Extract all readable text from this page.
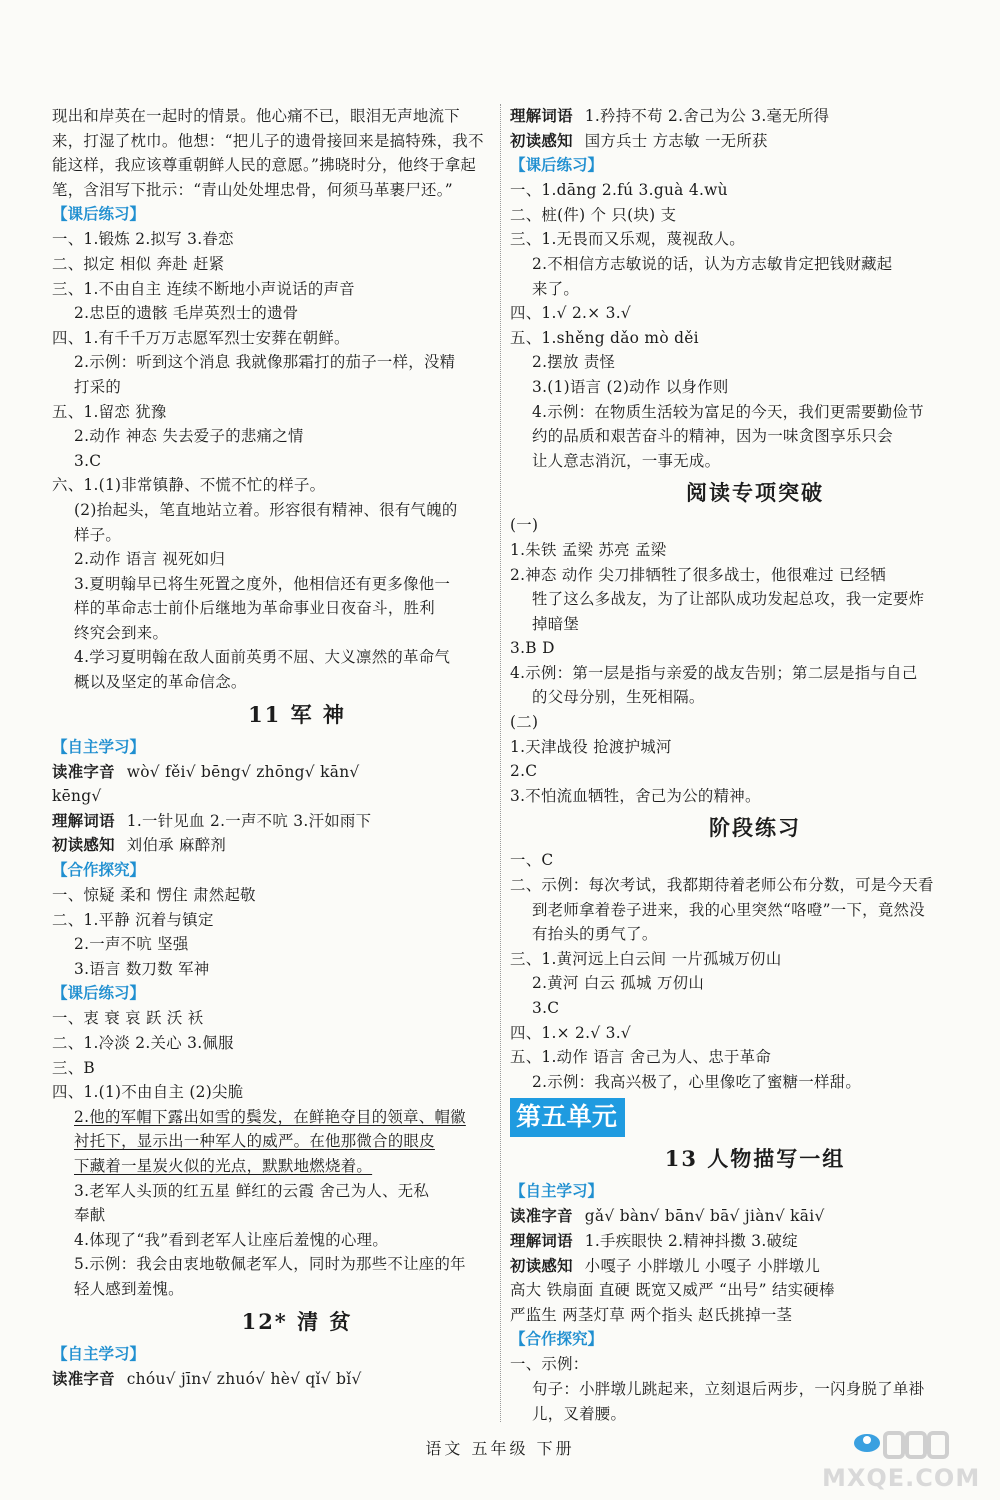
现出和岸英在一起时的情景。他心痛不已，眼泪无声地流下
来，打湿了枕巾。他想：“把儿子的遗骨接回来是搞特殊，我不
能这样，我应该尊重朝鲜人民的意愿。”拂晓时分，他终于拿起
笔，含泪写下批示：“青山处处埋忠骨，何须马革裹尸还。”
【课后练习】
一、1.锻炼 2.拟写 3.眷恋
二、拟定 相似 奔赴 赶紧
三、1.不由自主 连续不断地小声说话的声音
2.忠臣的遗骸 毛岸英烈士的遗骨
四、1.有千千万万志愿军烈士安葬在朝鲜。
2.示例：听到这个消息 我就像那霜打的茄子一样，没精
打采的
五、1.留恋 犹豫
2.动作 神态 失去爱子的悲痛之情
3.C
六、1.(1)非常镇静、不慌不忙的样子。
(2)抬起头，笔直地站立着。形容很有精神、很有气魄的
样子。
2.动作 语言 视死如归
3.夏明翰早已将生死置之度外，他相信还有更多像他一
样的革命志士前仆后继地为革命事业日夜奋斗，胜利
终究会到来。
4.学习夏明翰在敌人面前英勇不屈、大义凛然的革命气
概以及坚定的革命信念。
11 军 神
【自主学习】
读准字音 wò√ fěi√ bēng√ zhōng√ kān√
kēng√
理解词语 1.一针见血 2.一声不吭 3.汗如雨下
初读感知 刘伯承 麻醉剂
【合作探究】
一、惊疑 柔和 愣住 肃然起敬
二、1.平静 沉着与镇定
2.一声不吭 坚强
3.语言 数刀数 军神
【课后练习】
一、衷 衰 哀 跃 沃 袄
二、1.冷淡 2.关心 3.佩服
三、B
四、1.(1)不由自主 (2)尖脆
2.他的军帽下露出如雪的鬓发，在鲜艳夺目的领章、帽徽
衬托下，显示出一种军人的威严。在他那微合的眼皮
下藏着一星炭火似的光点，默默地燃烧着。
3.老军人头顶的红五星 鲜红的云霞 舍己为人、无私
奉献
4.体现了“我”看到老军人让座后羞愧的心理。
5.示例：我会由衷地敬佩老军人，同时为那些不让座的年
轻人感到羞愧。
12* 清 贫
【自主学习】
读准字音 chóu√ jīn√ zhuó√ hè√ qǐ√ bǐ√
理解词语 1.矜持不苟 2.舍己为公 3.毫无所得
初读感知 国方兵士 方志敏 一无所获
【课后练习】
一、1.dāng 2.fú 3.guà 4.wù
二、桩(件) 个 只(块) 支
三、1.无畏而又乐观，蔑视敌人。
2.不相信方志敏说的话，认为方志敏肯定把钱财藏起
来了。
四、1.√ 2.× 3.√
五、1.shěng dǎo mò děi
2.摆放 责怪
3.(1)语言 (2)动作 以身作则
4.示例：在物质生活较为富足的今天，我们更需要勤俭节
约的品质和艰苦奋斗的精神，因为一味贪图享乐只会
让人意志消沉，一事无成。
阅读专项突破
(一)
1.朱铁 孟梁 苏亮 孟梁
2.神态 动作 尖刀排牺牲了很多战士，他很难过 已经牺
牲了这么多战友，为了让部队成功发起总攻，我一定要炸
掉暗堡
3.B D
4.示例：第一层是指与亲爱的战友告别；第二层是指与自己
的父母分别，生死相隔。
(二)
1.天津战役 抢渡护城河
2.C
3.不怕流血牺牲，舍己为公的精神。
阶段练习
一、C
二、示例：每次考试，我都期待着老师公布分数，可是今天看
到老师拿着卷子进来，我的心里突然“咯噔”一下，竟然没
有抬头的勇气了。
三、1.黄河远上白云间 一片孤城万仞山
2.黄河 白云 孤城 万仞山
3.C
四、1.× 2.√ 3.√
五、1.动作 语言 舍己为人、忠于革命
2.示例：我高兴极了，心里像吃了蜜糖一样甜。
第五单元
13 人物描写一组
【自主学习】
读准字音 gǎ√ bàn√ bān√ bā√ jiàn√ kāi√
理解词语 1.手疾眼快 2.精神抖擞 3.破绽
初读感知 小嘎子 小胖墩儿 小嘎子 小胖墩儿
高大 铁扇面 直硬 既宽又威严 “出号” 结实硬棒
严监生 两茎灯草 两个指头 赵氏挑掉一茎
【合作探究】
一、示例：
句子：小胖墩儿跳起来，立刻退后两步，一闪身脱了单褂
儿，叉着腰。
语文 五年级 下册
MXQE.COM
